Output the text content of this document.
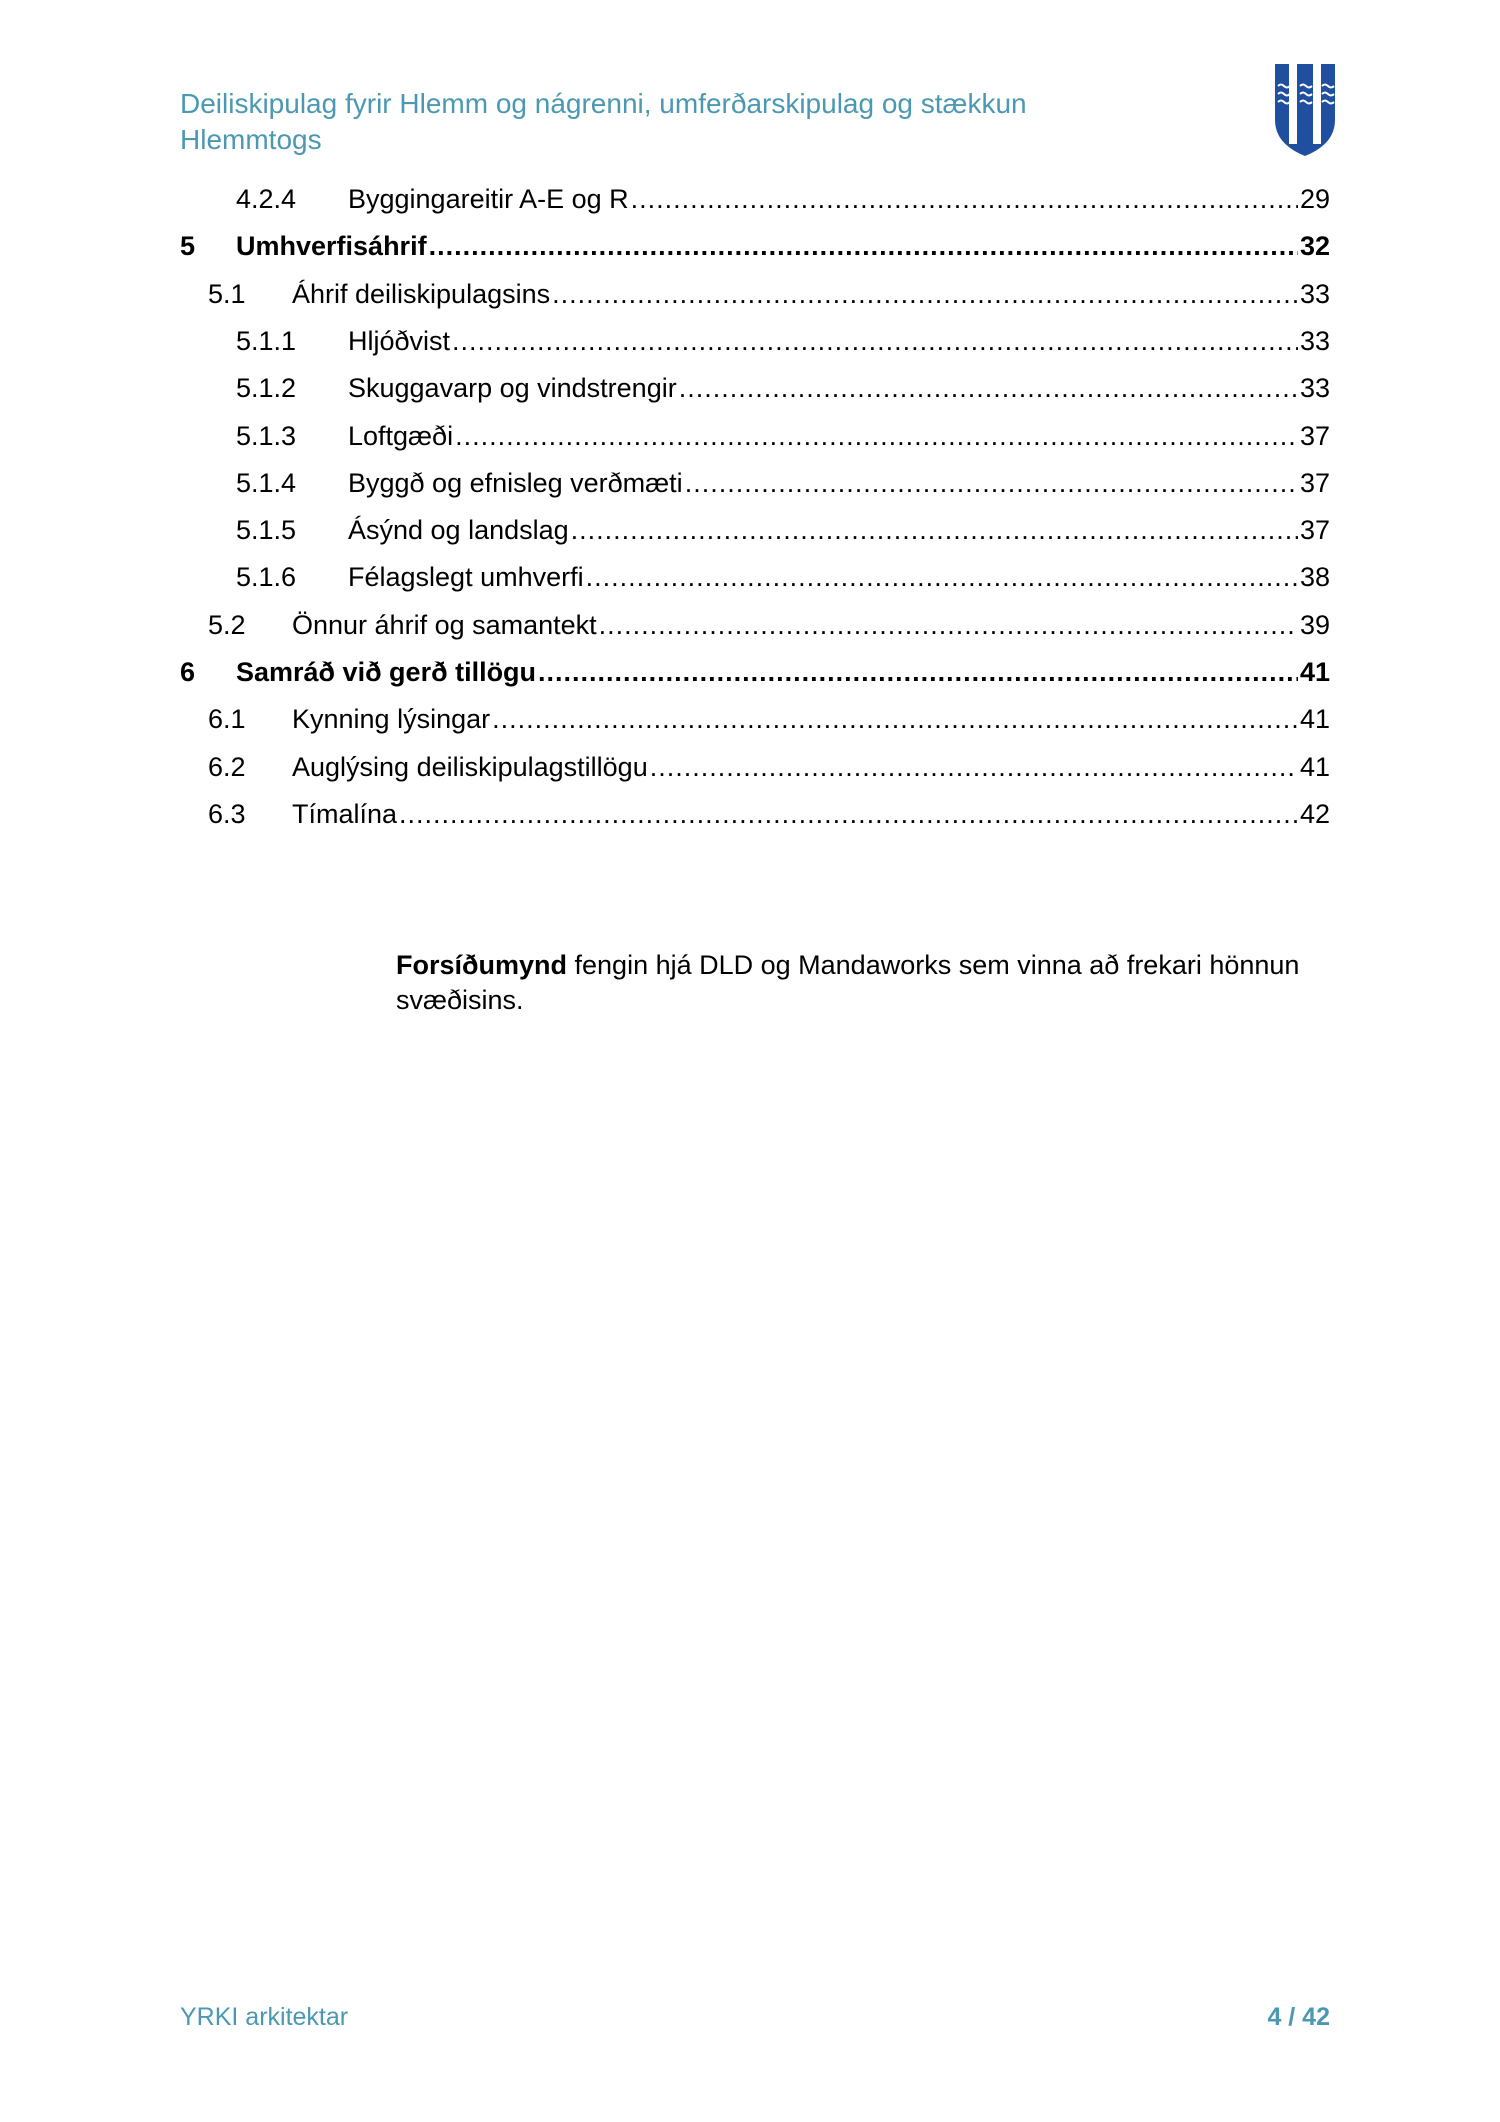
Deiliskipulag fyrir Hlemm og nágrenni, umferðarskipulag og stækkun
Hlemmtogs
4.2.4	Byggingareitir A-E og R .....	29
5	Umhverfisáhrif .....	32
5.1	Áhrif deiliskipulagsins .....	33
5.1.1	Hljóðvist .....	33
5.1.2	Skuggavarp og vindstrengir .....	33
5.1.3	Loftgæði .....	37
5.1.4	Byggð og efnisleg verðmæti .....	37
5.1.5	Ásýnd og landslag .....	37
5.1.6	Félagslegt umhverfi .....	38
5.2	Önnur áhrif og samantekt .....	39
6	Samráð við gerð tillögu .....	41
6.1	Kynning lýsingar .....	41
6.2	Auglýsing deiliskipulagstillögu .....	41
6.3	Tímalína .....	42
Forsíðumynd fengin hjá DLD og Mandaworks sem vinna að frekari hönnun svæðisins.
YRKI arkitektar	4 / 42
